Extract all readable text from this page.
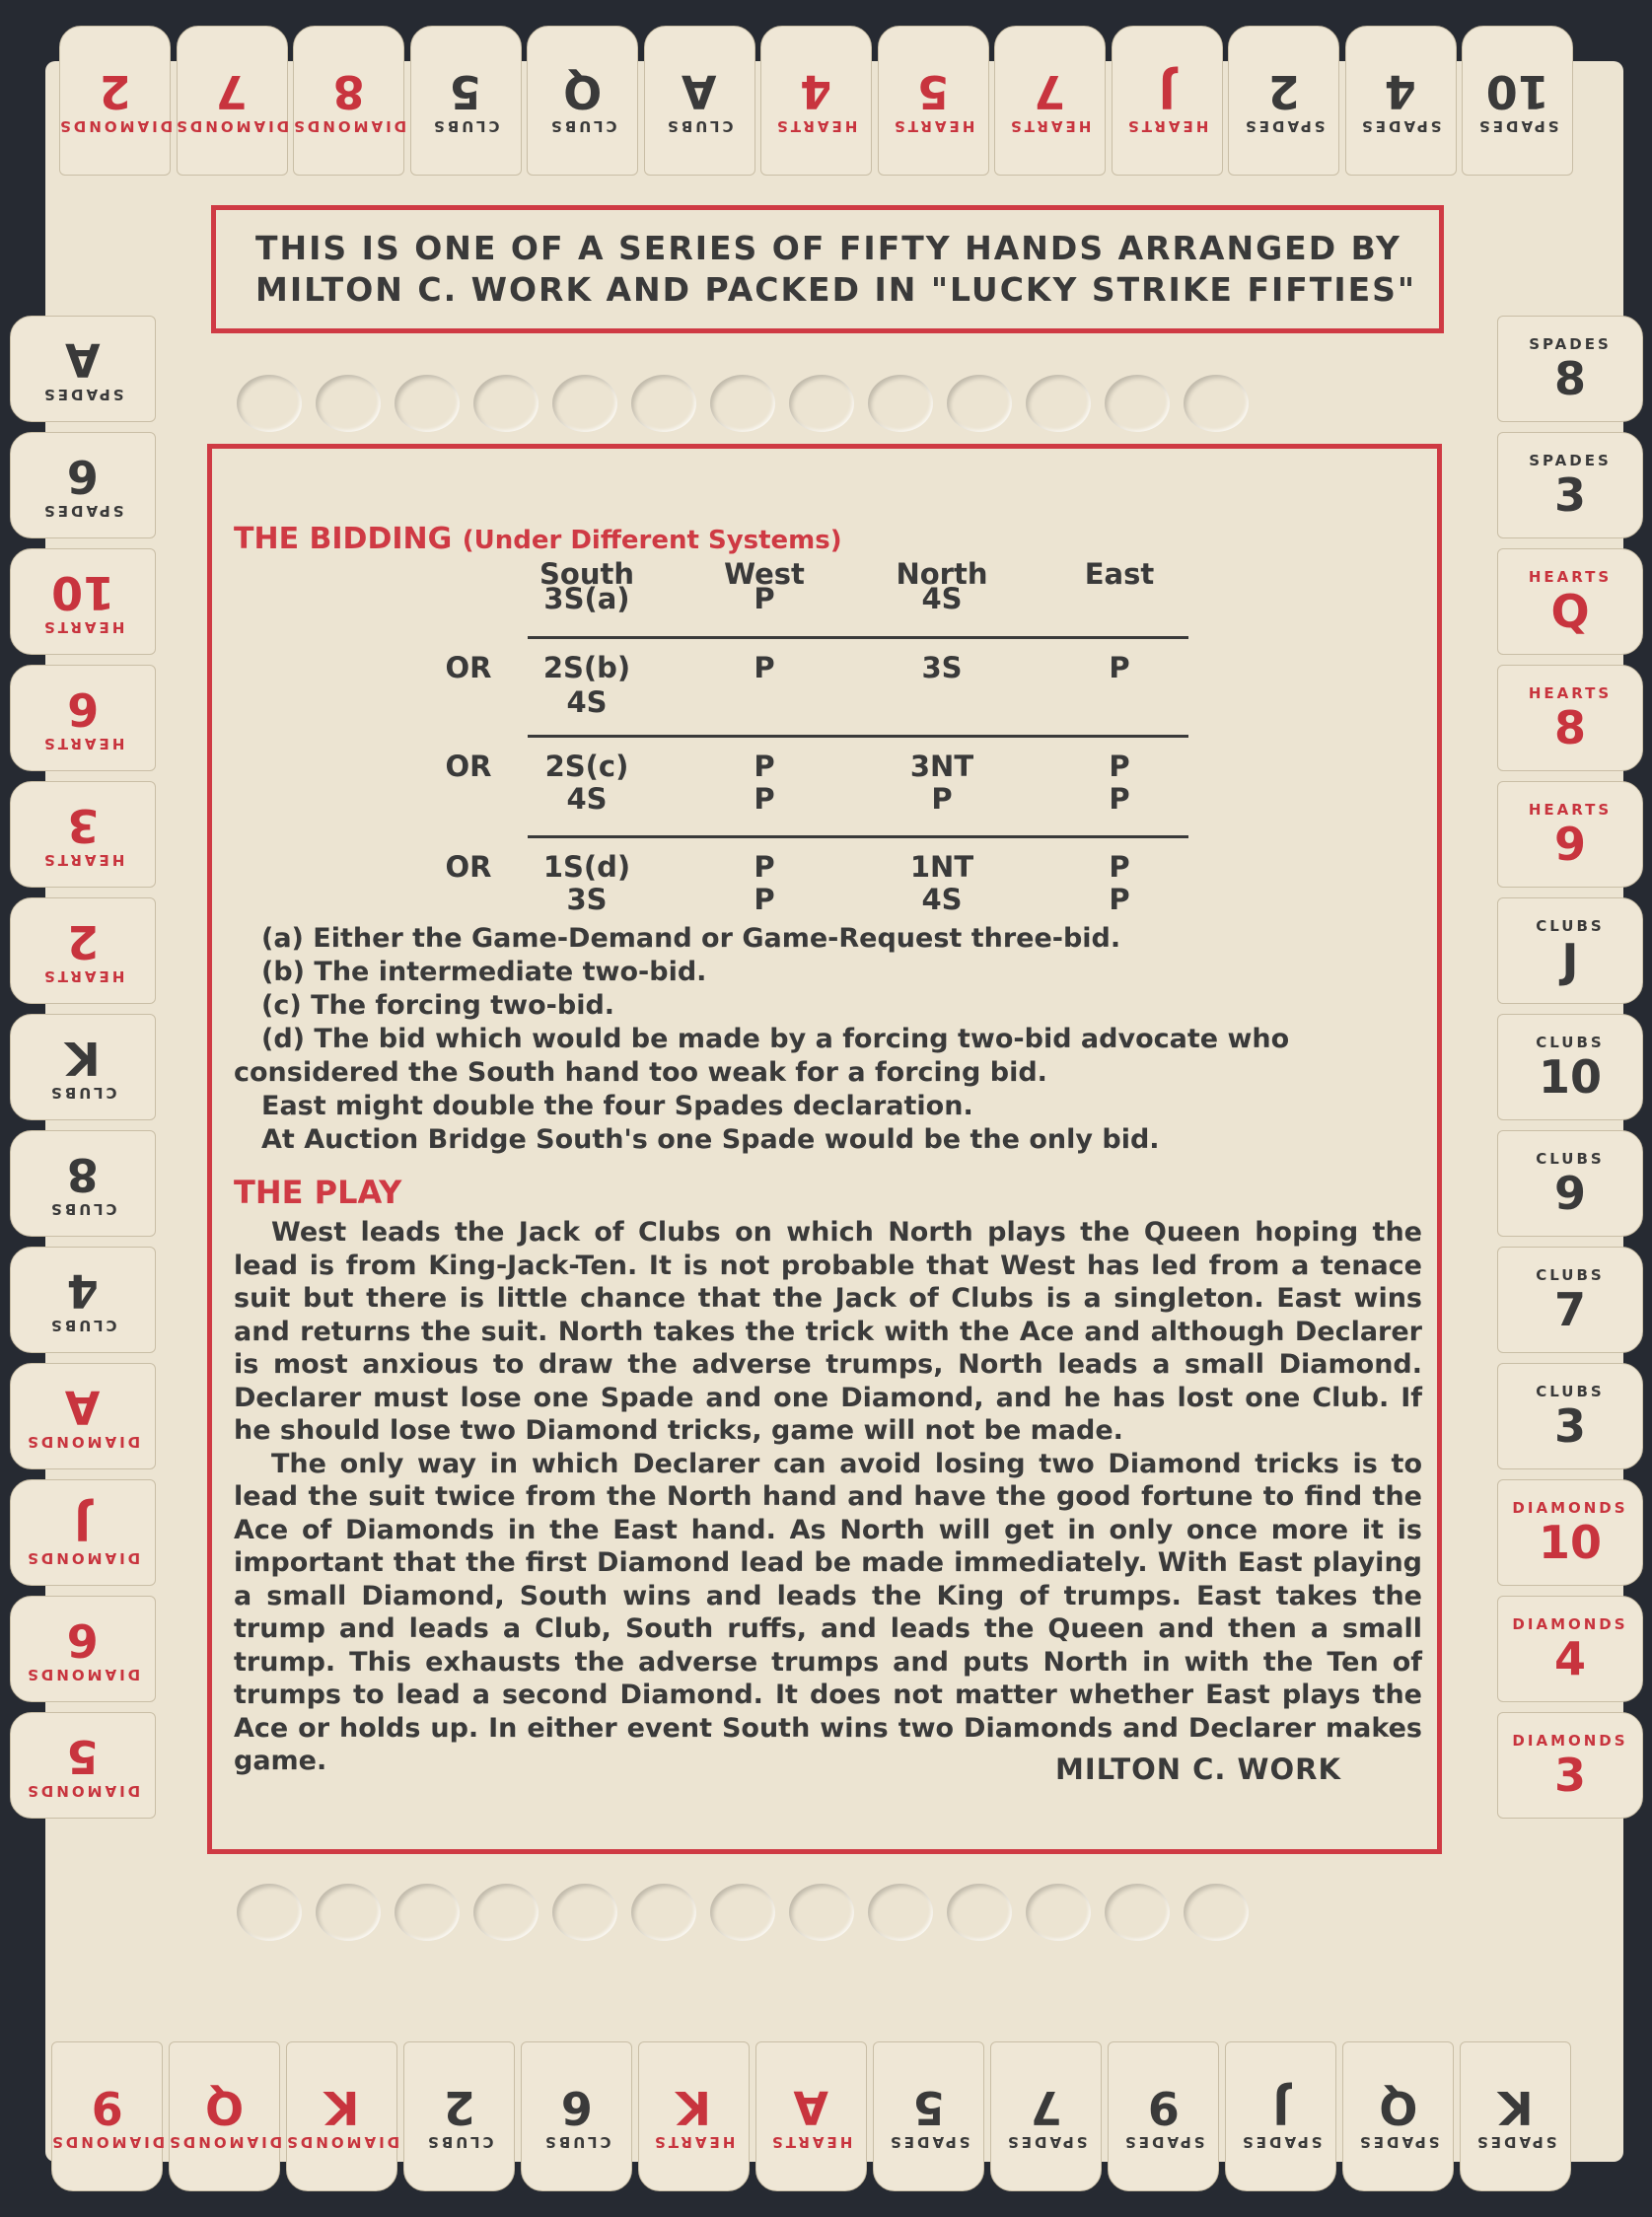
DIAMONDS
2
DIAMONDS
7
DIAMONDS
8
CLUBS
5
CLUBS
Q
CLUBS
A
HEARTS
4
HEARTS
5
HEARTS
7
HEARTS
J
SPADES
2
SPADES
4
SPADES
10
DIAMONDS
9
DIAMONDS
Q
DIAMONDS
K
CLUBS
2
CLUBS
6
HEARTS
K
HEARTS
A
SPADES
5
SPADES
7
SPADES
9
SPADES
J
SPADES
Q
SPADES
K
SPADES
A
SPADES
6
HEARTS
10
HEARTS
6
HEARTS
3
HEARTS
2
CLUBS
K
CLUBS
8
CLUBS
4
DIAMONDS
A
DIAMONDS
J
DIAMONDS
6
DIAMONDS
5
SPADES
8
SPADES
3
HEARTS
Q
HEARTS
8
HEARTS
9
CLUBS
J
CLUBS
10
CLUBS
9
CLUBS
7
CLUBS
3
DIAMONDS
10
DIAMONDS
4
DIAMONDS
3
THIS IS ONE OF A SERIES OF FIFTY HANDS ARRANGED BY
MILTON C. WORK AND PACKED IN "LUCKY STRIKE FIFTIES"
THE BIDDING (Under Different Systems)
South	West	North	East
3S(a)	P	4S
OR	2S(b)	P	3S	P
4S
OR	2S(c)	P	3NT	P
4S	P	P	P
OR	1S(d)	P	1NT	P
3S	P	4S	P
(a) Either the Game-Demand or Game-Request three-bid.
(b) The intermediate two-bid.
(c) The forcing two-bid.
(d) The bid which would be made by a forcing two-bid advocate who
considered the South hand too weak for a forcing bid.
East might double the four Spades declaration.
At Auction Bridge South's one Spade would be the only bid.
THE PLAY

West leads the Jack of Clubs on which North plays the Queen hoping the lead is from King-Jack-Ten. It is not probable that West has led from a tenace suit but there is little chance that the Jack of Clubs is a singleton. East wins and returns the suit. North takes the trick with the Ace and although Declarer is most anxious to draw the adverse trumps, North leads a small Diamond. Declarer must lose one Spade and one Diamond, and he has lost one Club. If he should lose two Diamond tricks, game will not be made.

The only way in which Declarer can avoid losing two Diamond tricks is to lead the suit twice from the North hand and have the good fortune to find the Ace of Diamonds in the East hand. As North will get in only once more it is important that the first Diamond lead be made immediately. With East playing a small Diamond, South wins and leads the King of trumps. East takes the trump and leads a Club, South ruffs, and leads the Queen and then a small trump. This exhausts the adverse trumps and puts North in with the Ten of trumps to lead a second Diamond. It does not matter whether East plays the Ace or holds up. In either event South wins two Diamonds and Declarer makes game.	MILTON C. WORK
